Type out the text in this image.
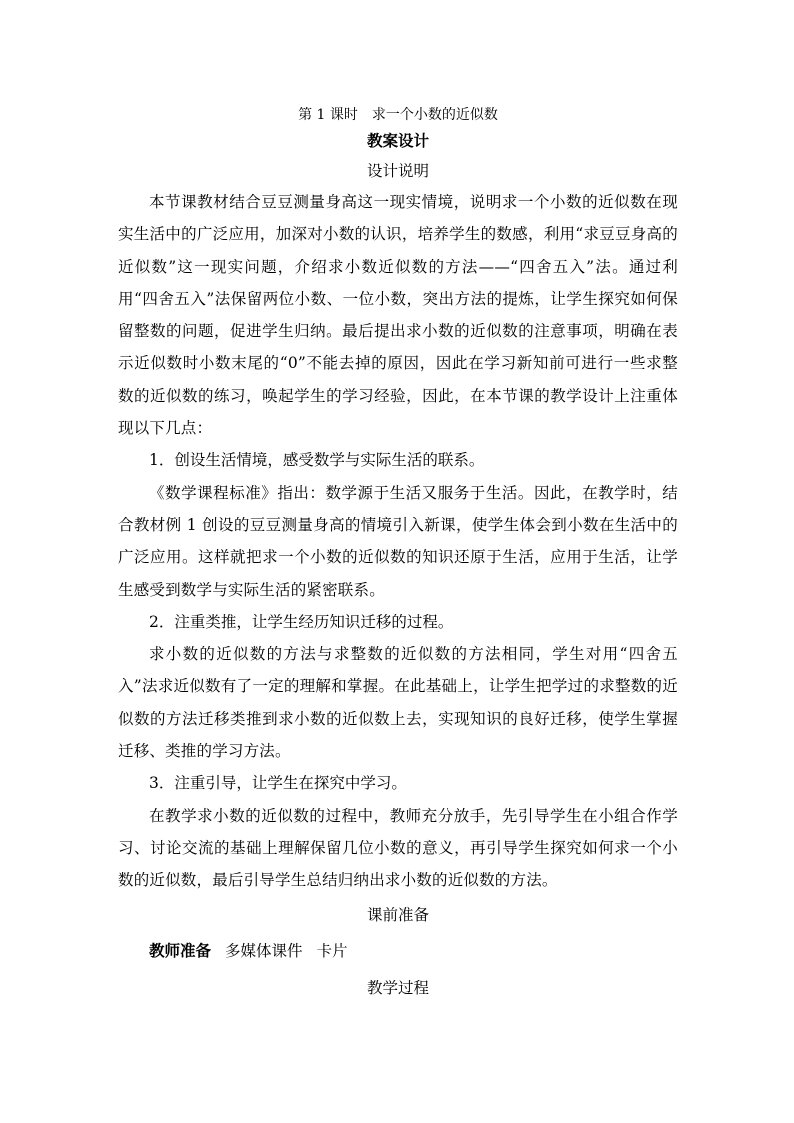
第 1 课时　求一个小数的近似数

教案设计

设计说明

本节课教材结合豆豆测量身高这一现实情境，说明求一个小数的近似数在现实生活中的广泛应用，加深对小数的认识，培养学生的数感，利用“求豆豆身高的近似数”这一现实问题，介绍求小数近似数的方法——“四舍五入”法。通过利用“四舍五入”法保留两位小数、一位小数，突出方法的提炼，让学生探究如何保留整数的问题，促进学生归纳。最后提出求小数的近似数的注意事项，明确在表示近似数时小数末尾的“0”不能去掉的原因，因此在学习新知前可进行一些求整数的近似数的练习，唤起学生的学习经验，因此，在本节课的教学设计上注重体现以下几点：

1．创设生活情境，感受数学与实际生活的联系。

《数学课程标准》指出：数学源于生活又服务于生活。因此，在教学时，结合教材例 1 创设的豆豆测量身高的情境引入新课，使学生体会到小数在生活中的广泛应用。这样就把求一个小数的近似数的知识还原于生活，应用于生活，让学生感受到数学与实际生活的紧密联系。

2．注重类推，让学生经历知识迁移的过程。

求小数的近似数的方法与求整数的近似数的方法相同，学生对用“四舍五入”法求近似数有了一定的理解和掌握。在此基础上，让学生把学过的求整数的近似数的方法迁移类推到求小数的近似数上去，实现知识的良好迁移，使学生掌握迁移、类推的学习方法。

3．注重引导，让学生在探究中学习。

在教学求小数的近似数的过程中，教师充分放手，先引导学生在小组合作学习、讨论交流的基础上理解保留几位小数的意义，再引导学生探究如何求一个小数的近似数，最后引导学生总结归纳出求小数的近似数的方法。

课前准备

教师准备 多媒体课件 卡片

教学过程
